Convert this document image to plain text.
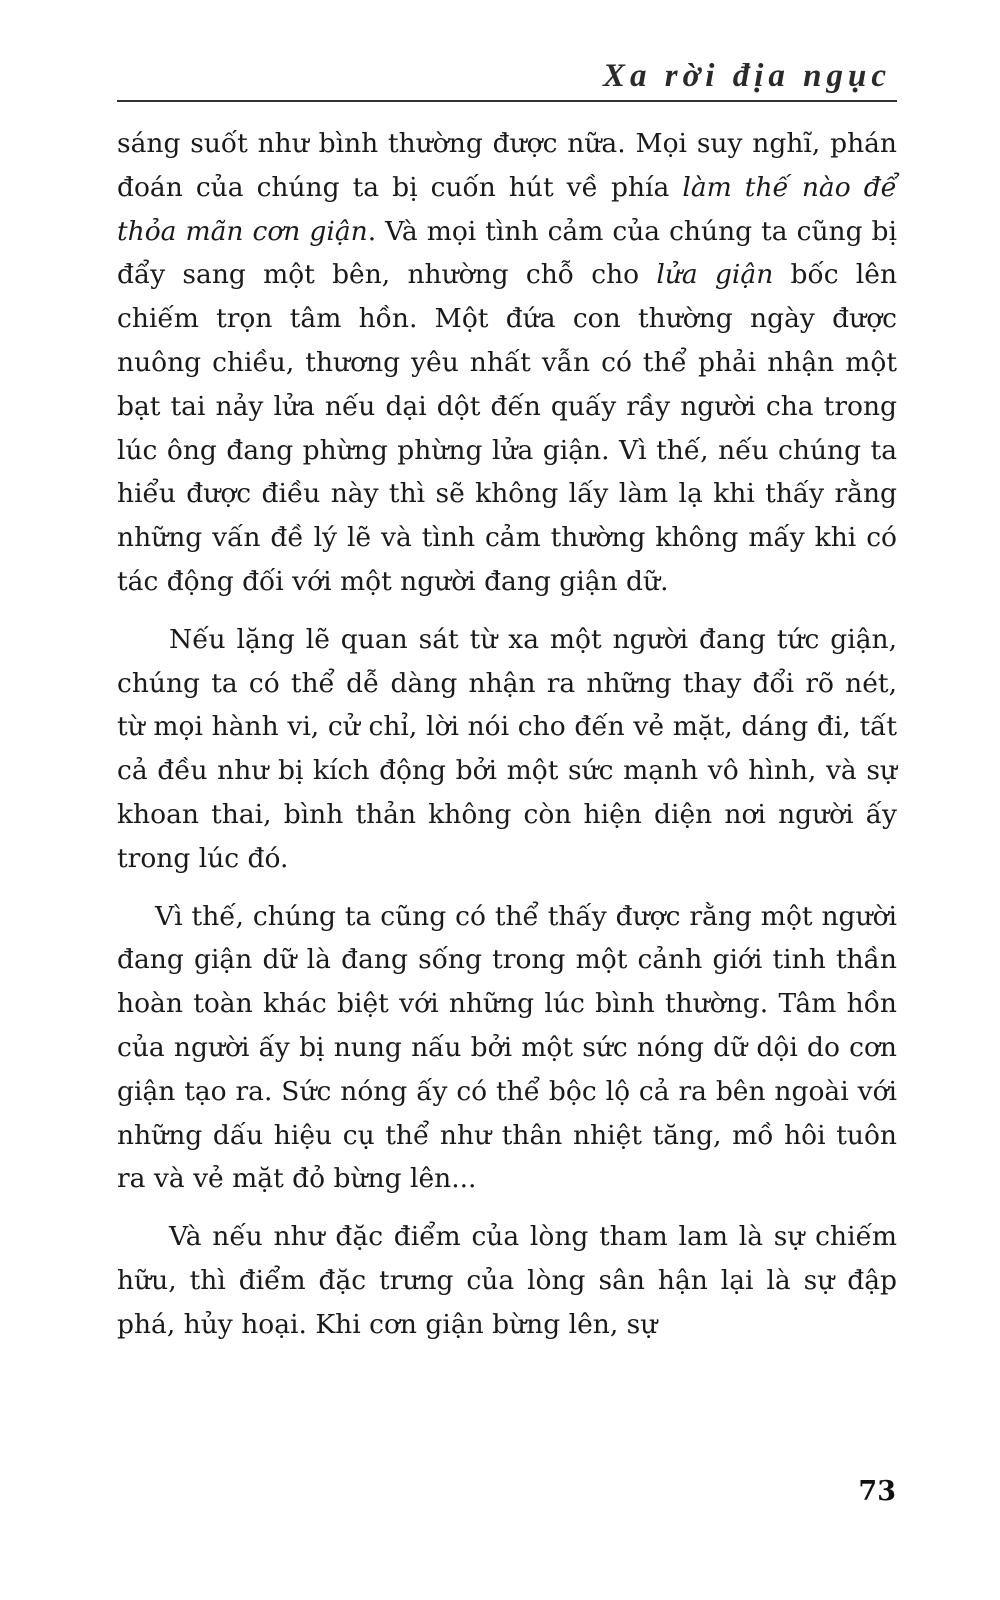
Xa rời địa ngục

sáng suốt như bình thường được nữa. Mọi suy nghĩ, phán đoán của chúng ta bị cuốn hút về phía làm thế nào để thỏa mãn cơn giận. Và mọi tình cảm của chúng ta cũng bị đẩy sang một bên, nhường chỗ cho lửa giận bốc lên chiếm trọn tâm hồn. Một đứa con thường ngày được nuông chiều, thương yêu nhất vẫn có thể phải nhận một bạt tai nảy lửa nếu dại dột đến quấy rầy người cha trong lúc ông đang phừng phừng lửa giận. Vì thế, nếu chúng ta hiểu được điều này thì sẽ không lấy làm lạ khi thấy rằng những vấn đề lý lẽ và tình cảm thường không mấy khi có tác động đối với một người đang giận dữ.

Nếu lặng lẽ quan sát từ xa một người đang tức giận, chúng ta có thể dễ dàng nhận ra những thay đổi rõ nét, từ mọi hành vi, cử chỉ, lời nói cho đến vẻ mặt, dáng đi, tất cả đều như bị kích động bởi một sức mạnh vô hình, và sự khoan thai, bình thản không còn hiện diện nơi người ấy trong lúc đó.

Vì thế, chúng ta cũng có thể thấy được rằng một người đang giận dữ là đang sống trong một cảnh giới tinh thần hoàn toàn khác biệt với những lúc bình thường. Tâm hồn của người ấy bị nung nấu bởi một sức nóng dữ dội do cơn giận tạo ra. Sức nóng ấy có thể bộc lộ cả ra bên ngoài với những dấu hiệu cụ thể như thân nhiệt tăng, mồ hôi tuôn ra và vẻ mặt đỏ bừng lên...

Và nếu như đặc điểm của lòng tham lam là sự chiếm hữu, thì điểm đặc trưng của lòng sân hận lại là sự đập phá, hủy hoại. Khi cơn giận bừng lên, sự

73
